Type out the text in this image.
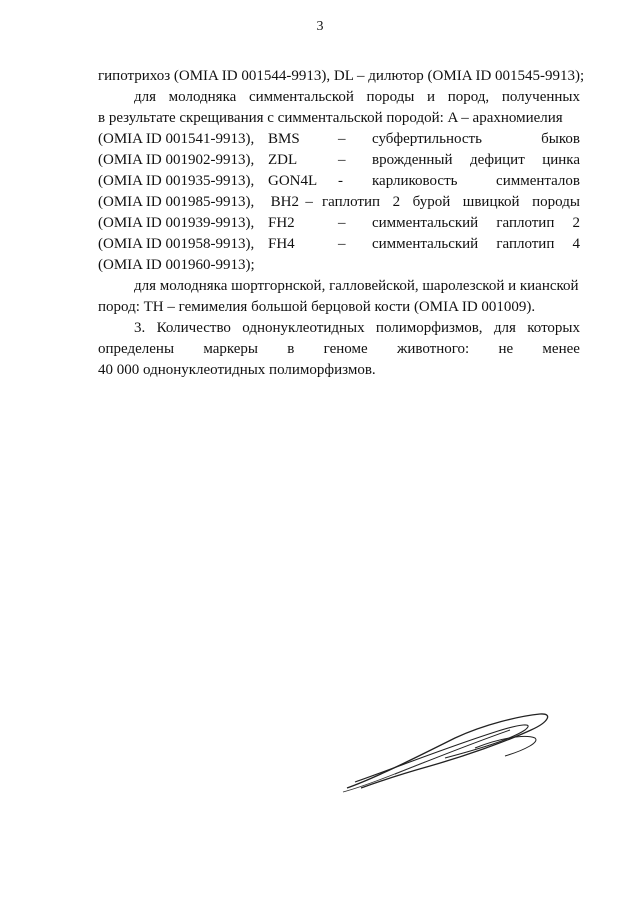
3
гипотрихоз (OMIA ID 001544-9913), DL – дилютор (OMIA ID 001545-9913);
для молодняка симментальской породы и пород, полученных
в результате скрещивания с симментальской породой: A – арахномиелия
(OMIA ID 001541-9913), BMS	–	субфертильность	быков
(OMIA ID 001902-9913), ZDL	–	врожденный дефицит цинка
(OMIA ID 001935-9913), GON4L	-	карликовость	симменталов
(OMIA ID 001985-9913),	BH2 – гаплотип 2 бурой швицкой породы
(OMIA ID 001939-9913), FH2	–	симментальский гаплотип 2
(OMIA ID 001958-9913), FH4	–	симментальский гаплотип 4
(OMIA ID 001960-9913);
для молодняка шортгорнской, галловейской, шаролезской и кианской
пород: TH – гемимелия большой берцовой кости (OMIA ID 001009).
3. Количество однонуклеотидных полиморфизмов, для которых
определены маркеры в геноме животного: не менее
40 000 однонуклеотидных полиморфизмов.
